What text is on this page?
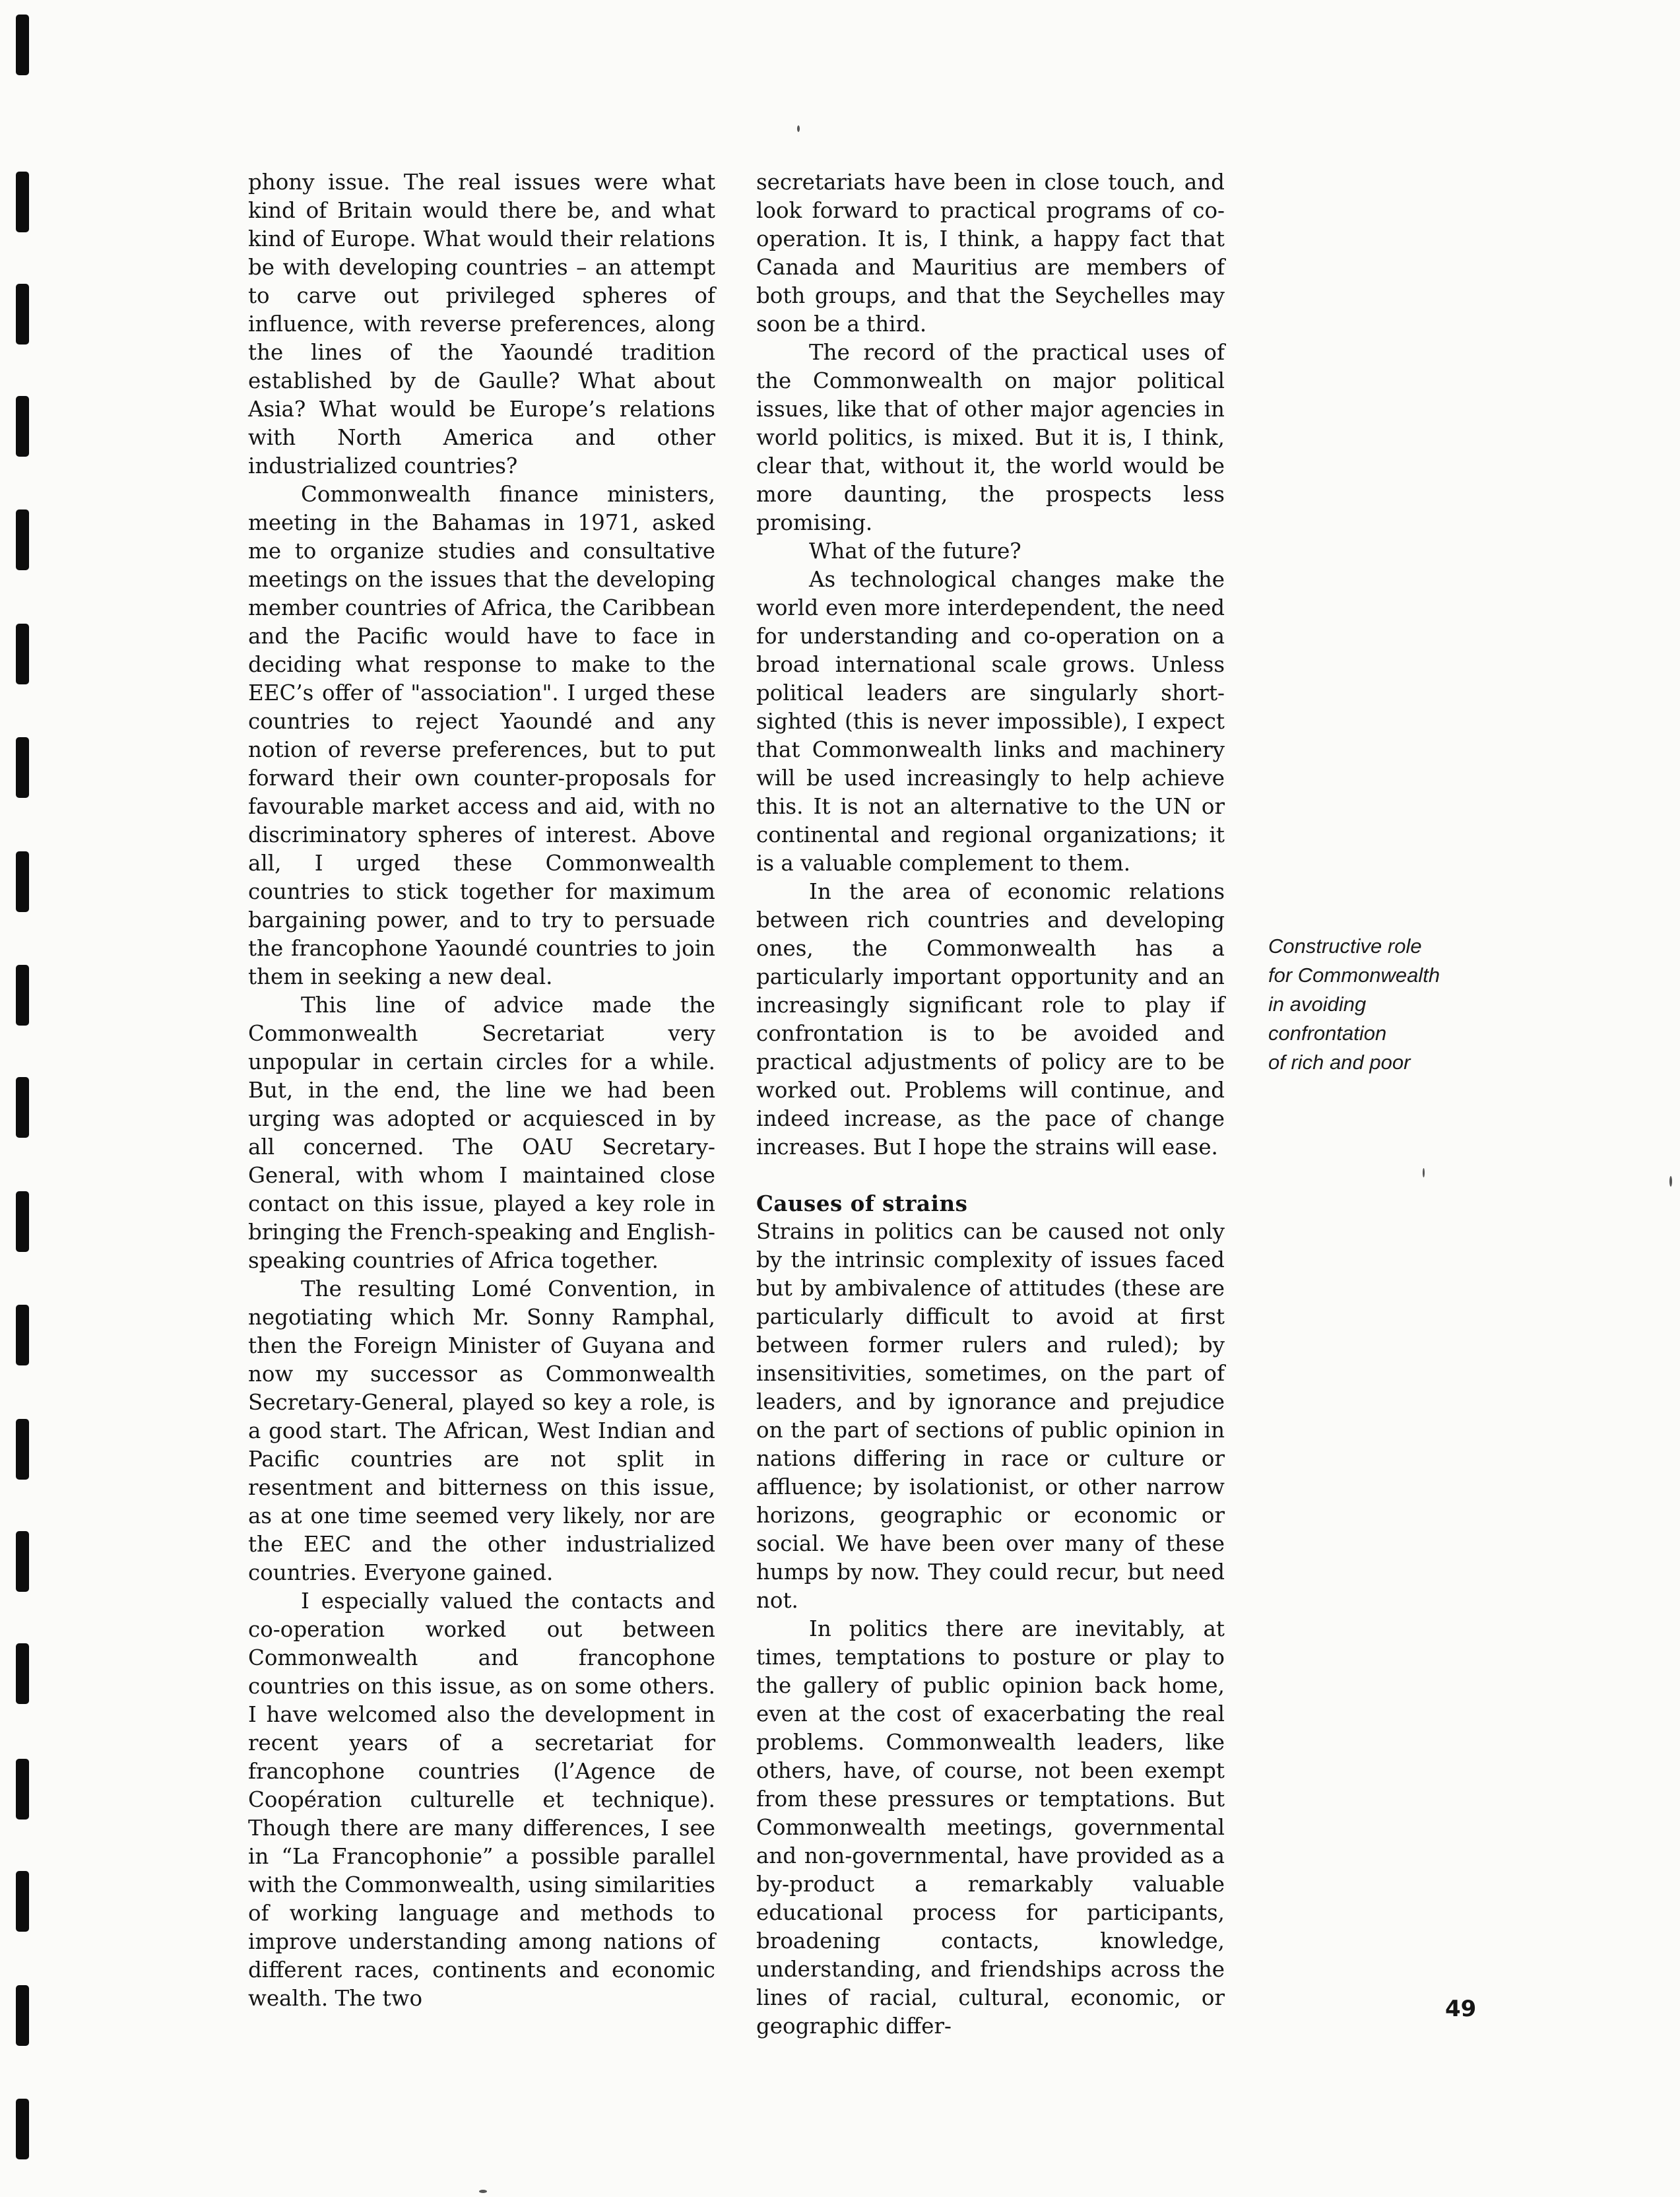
phony issue. The real issues were what kind of Britain would there be, and what kind of Europe. What would their relations be with developing countries – an attempt to carve out privileged spheres of influence, with reverse preferences, along the lines of the Yaoundé tradition established by de Gaulle? What about Asia? What would be Europe’s relations with North America and other industrialized countries?

Commonwealth finance ministers, meeting in the Bahamas in 1971, asked me to organize studies and consultative meetings on the issues that the developing member countries of Africa, the Caribbean and the Pacific would have to face in deciding what response to make to the EEC’s offer of "association". I urged these countries to reject Yaoundé and any notion of reverse preferences, but to put forward their own counter-proposals for favourable market access and aid, with no discriminatory spheres of interest. Above all, I urged these Commonwealth countries to stick together for maximum bargaining power, and to try to persuade the francophone Yaoundé countries to join them in seeking a new deal.

This line of advice made the Commonwealth Secretariat very unpopular in certain circles for a while. But, in the end, the line we had been urging was adopted or acquiesced in by all concerned. The OAU Secretary-General, with whom I maintained close contact on this issue, played a key role in bringing the French-speaking and English-speaking countries of Africa together.

The resulting Lomé Convention, in negotiating which Mr. Sonny Ramphal, then the Foreign Minister of Guyana and now my successor as Commonwealth Secretary-General, played so key a role, is a good start. The African, West Indian and Pacific countries are not split in resentment and bitterness on this issue, as at one time seemed very likely, nor are the EEC and the other industrialized countries. Everyone gained.

I especially valued the contacts and co-operation worked out between Commonwealth and francophone countries on this issue, as on some others. I have welcomed also the development in recent years of a secretariat for francophone countries (l’Agence de Coopération culturelle et technique). Though there are many differences, I see in “La Francophonie” a possible parallel with the Commonwealth, using similarities of working language and methods to improve understanding among nations of different races, continents and economic wealth. The two

secretariats have been in close touch, and look forward to practical programs of co-operation. It is, I think, a happy fact that Canada and Mauritius are members of both groups, and that the Seychelles may soon be a third.

The record of the practical uses of the Commonwealth on major political issues, like that of other major agencies in world politics, is mixed. But it is, I think, clear that, without it, the world would be more daunting, the prospects less promising.

What of the future?

As technological changes make the world even more interdependent, the need for understanding and co-operation on a broad international scale grows. Unless political leaders are singularly short-sighted (this is never impossible), I expect that Commonwealth links and machinery will be used increasingly to help achieve this. It is not an alternative to the UN or continental and regional organizations; it is a valuable complement to them.

In the area of economic relations between rich countries and developing ones, the Commonwealth has a particularly important opportunity and an increasingly significant role to play if confrontation is to be avoided and practical adjustments of policy are to be worked out. Problems will continue, and indeed increase, as the pace of change increases. But I hope the strains will ease.

Causes of strains

Strains in politics can be caused not only by the intrinsic complexity of issues faced but by ambivalence of attitudes (these are particularly difficult to avoid at first between former rulers and ruled); by insensitivities, sometimes, on the part of leaders, and by ignorance and prejudice on the part of sections of public opinion in nations differing in race or culture or affluence; by isolationist, or other narrow horizons, geographic or economic or social. We have been over many of these humps by now. They could recur, but need not.

In politics there are inevitably, at times, temptations to posture or play to the gallery of public opinion back home, even at the cost of exacerbating the real problems. Commonwealth leaders, like others, have, of course, not been exempt from these pressures or temptations. But Commonwealth meetings, governmental and non-governmental, have provided as a by-product a remarkably valuable educational process for participants, broadening contacts, knowledge, understanding, and friendships across the lines of racial, cultural, economic, or geographic differ-

Constructive role
for Commonwealth
in avoiding
confrontation
of rich and poor
49
